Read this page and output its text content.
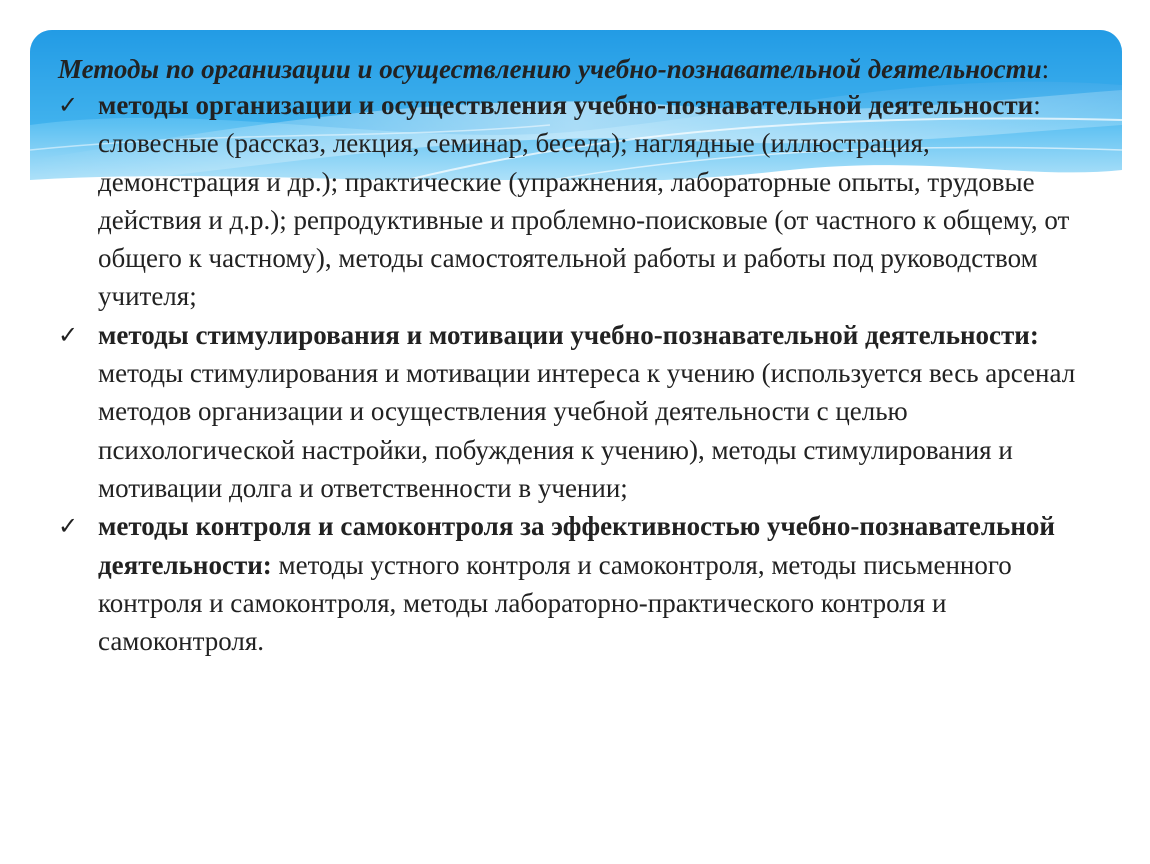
Методы по организации и осуществлению учебно-познавательной деятельности:

✓ методы организации и осуществления учебно-познавательной деятельности: словесные (рассказ, лекция, семинар, беседа); наглядные (иллюстрация, демонстрация и др.); практические (упражнения, лабораторные опыты, трудовые действия и д.р.); репродуктивные и проблемно-поисковые (от частного к общему, от общего к частному), методы самостоятельной работы и работы под руководством учителя;
✓ методы стимулирования и мотивации учебно-познавательной деятельности: методы стимулирования и мотивации интереса к учению (используется весь арсенал методов организации и осуществления учебной деятельности с целью психологической настройки, побуждения к учению), методы стимулирования и мотивации долга и ответственности в учении;
✓ методы контроля и самоконтроля за эффективностью учебно-познавательной деятельности: методы устного контроля и самоконтроля, методы письменного контроля и самоконтроля, методы лабораторно-практического контроля и самоконтроля.
